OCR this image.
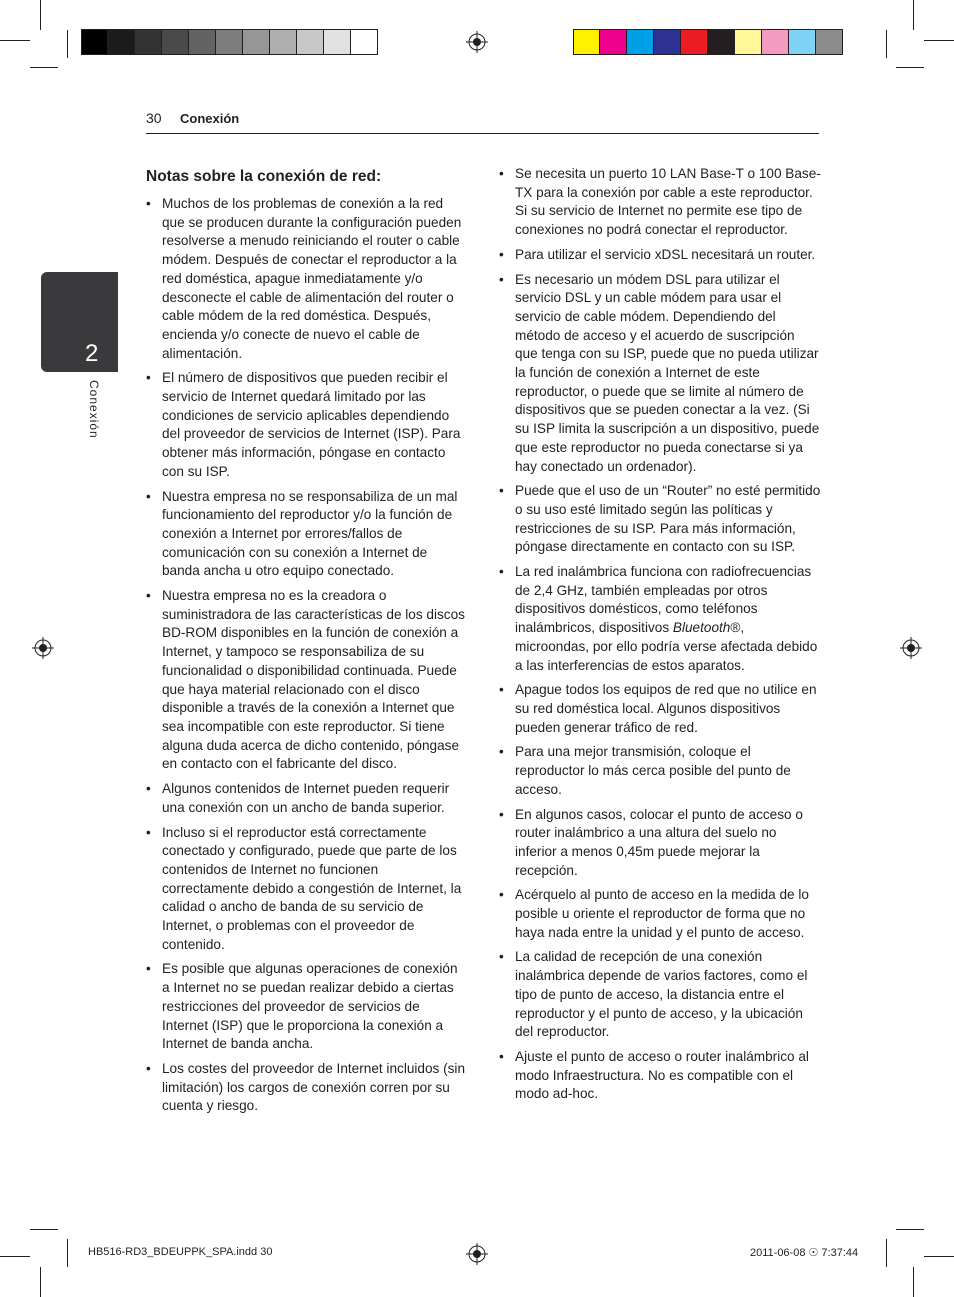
30 Conexión
2
Conexión
Notas sobre la conexión de red:
• Muchos de los problemas de conexión a la red que se producen durante la configuración pueden resolverse a menudo reiniciando el router o cable módem. Después de conectar el reproductor a la red doméstica, apague inmediatamente y/o desconecte el cable de alimentación del router o cable módem de la red doméstica. Después, encienda y/o conecte de nuevo el cable de alimentación.
• El número de dispositivos que pueden recibir el servicio de Internet quedará limitado por las condiciones de servicio aplicables dependiendo del proveedor de servicios de Internet (ISP). Para obtener más información, póngase en contacto con su ISP.
• Nuestra empresa no se responsabiliza de un mal funcionamiento del reproductor y/o la función de conexión a Internet por errores/fallos de comunicación con su conexión a Internet de banda ancha u otro equipo conectado.
• Nuestra empresa no es la creadora o suministradora de las características de los discos BD-ROM disponibles en la función de conexión a Internet, y tampoco se responsabiliza de su funcionalidad o disponibilidad continuada. Puede que haya material relacionado con el disco disponible a través de la conexión a Internet que sea incompatible con este reproductor. Si tiene alguna duda acerca de dicho contenido, póngase en contacto con el fabricante del disco.
• Algunos contenidos de Internet pueden requerir una conexión con un ancho de banda superior.
• Incluso si el reproductor está correctamente conectado y configurado, puede que parte de los contenidos de Internet no funcionen correctamente debido a congestión de Internet, la calidad o ancho de banda de su servicio de Internet, o problemas con el proveedor de contenido.
• Es posible que algunas operaciones de conexión a Internet no se puedan realizar debido a ciertas restricciones del proveedor de servicios de Internet (ISP) que le proporciona la conexión a Internet de banda ancha.
• Los costes del proveedor de Internet incluidos (sin limitación) los cargos de conexión corren por su cuenta y riesgo.
• Se necesita un puerto 10 LAN Base-T o 100 Base-TX para la conexión por cable a este reproductor. Si su servicio de Internet no permite ese tipo de conexiones no podrá conectar el reproductor.
• Para utilizar el servicio xDSL necesitará un router.
• Es necesario un módem DSL para utilizar el servicio DSL y un cable módem para usar el servicio de cable módem. Dependiendo del método de acceso y el acuerdo de suscripción que tenga con su ISP, puede que no pueda utilizar la función de conexión a Internet de este reproductor, o puede que se limite al número de dispositivos que se pueden conectar a la vez. (Si su ISP limita la suscripción a un dispositivo, puede que este reproductor no pueda conectarse si ya hay conectado un ordenador).
• Puede que el uso de un “Router” no esté permitido o su uso esté limitado según las políticas y restricciones de su ISP. Para más información, póngase directamente en contacto con su ISP.
• La red inalámbrica funciona con radiofrecuencias de 2,4 GHz, también empleadas por otros dispositivos domésticos, como teléfonos inalámbricos, dispositivos Bluetooth®, microondas, por ello podría verse afectada debido a las interferencias de estos aparatos.
• Apague todos los equipos de red que no utilice en su red doméstica local. Algunos dispositivos pueden generar tráfico de red.
• Para una mejor transmisión, coloque el reproductor lo más cerca posible del punto de acceso.
• En algunos casos, colocar el punto de acceso o router inalámbrico a una altura del suelo no inferior a menos 0,45m puede mejorar la recepción.
• Acérquelo al punto de acceso en la medida de lo posible u oriente el reproductor de forma que no haya nada entre la unidad y el punto de acceso.
• La calidad de recepción de una conexión inalámbrica depende de varios factores, como el tipo de punto de acceso, la distancia entre el reproductor y el punto de acceso, y la ubicación del reproductor.
• Ajuste el punto de acceso o router inalámbrico al modo Infraestructura. No es compatible con el modo ad-hoc.
HB516-RD3_BDEUPPK_SPA.indd 30	2011-06-08 ☉ 7:37:44
